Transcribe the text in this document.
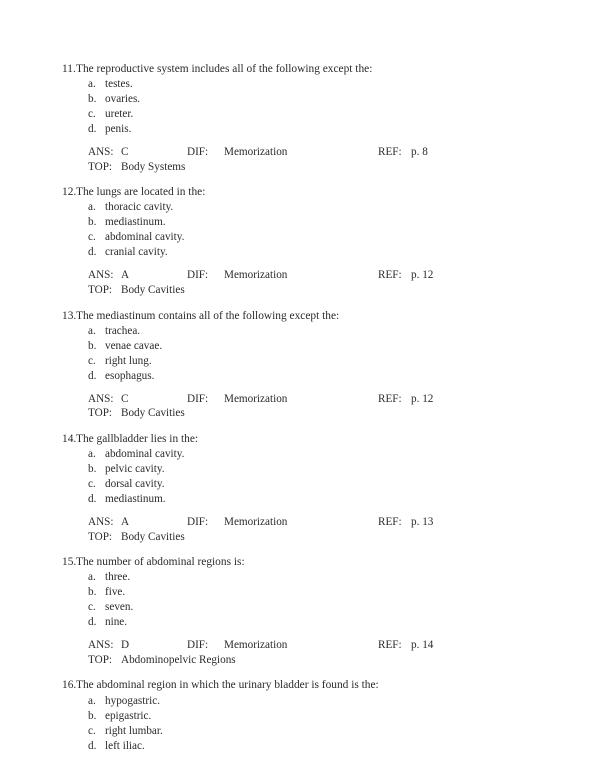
11. The reproductive system includes all of the following except the:
a. testes.
b. ovaries.
c. ureter.
d. penis.
ANS: C	DIF:	Memorization	REF: p. 8
TOP: Body Systems
12. The lungs are located in the:
a. thoracic cavity.
b. mediastinum.
c. abdominal cavity.
d. cranial cavity.
ANS: A	DIF:	Memorization	REF: p. 12
TOP: Body Cavities
13. The mediastinum contains all of the following except the:
a. trachea.
b. venae cavae.
c. right lung.
d. esophagus.
ANS: C	DIF:	Memorization	REF: p. 12
TOP: Body Cavities
14. The gallbladder lies in the:
a. abdominal cavity.
b. pelvic cavity.
c. dorsal cavity.
d. mediastinum.
ANS: A	DIF:	Memorization	REF: p. 13
TOP: Body Cavities
15. The number of abdominal regions is:
a. three.
b. five.
c. seven.
d. nine.
ANS: D	DIF:	Memorization	REF: p. 14
TOP: Abdominopelvic Regions
16. The abdominal region in which the urinary bladder is found is the:
a. hypogastric.
b. epigastric.
c. right lumbar.
d. left iliac.
